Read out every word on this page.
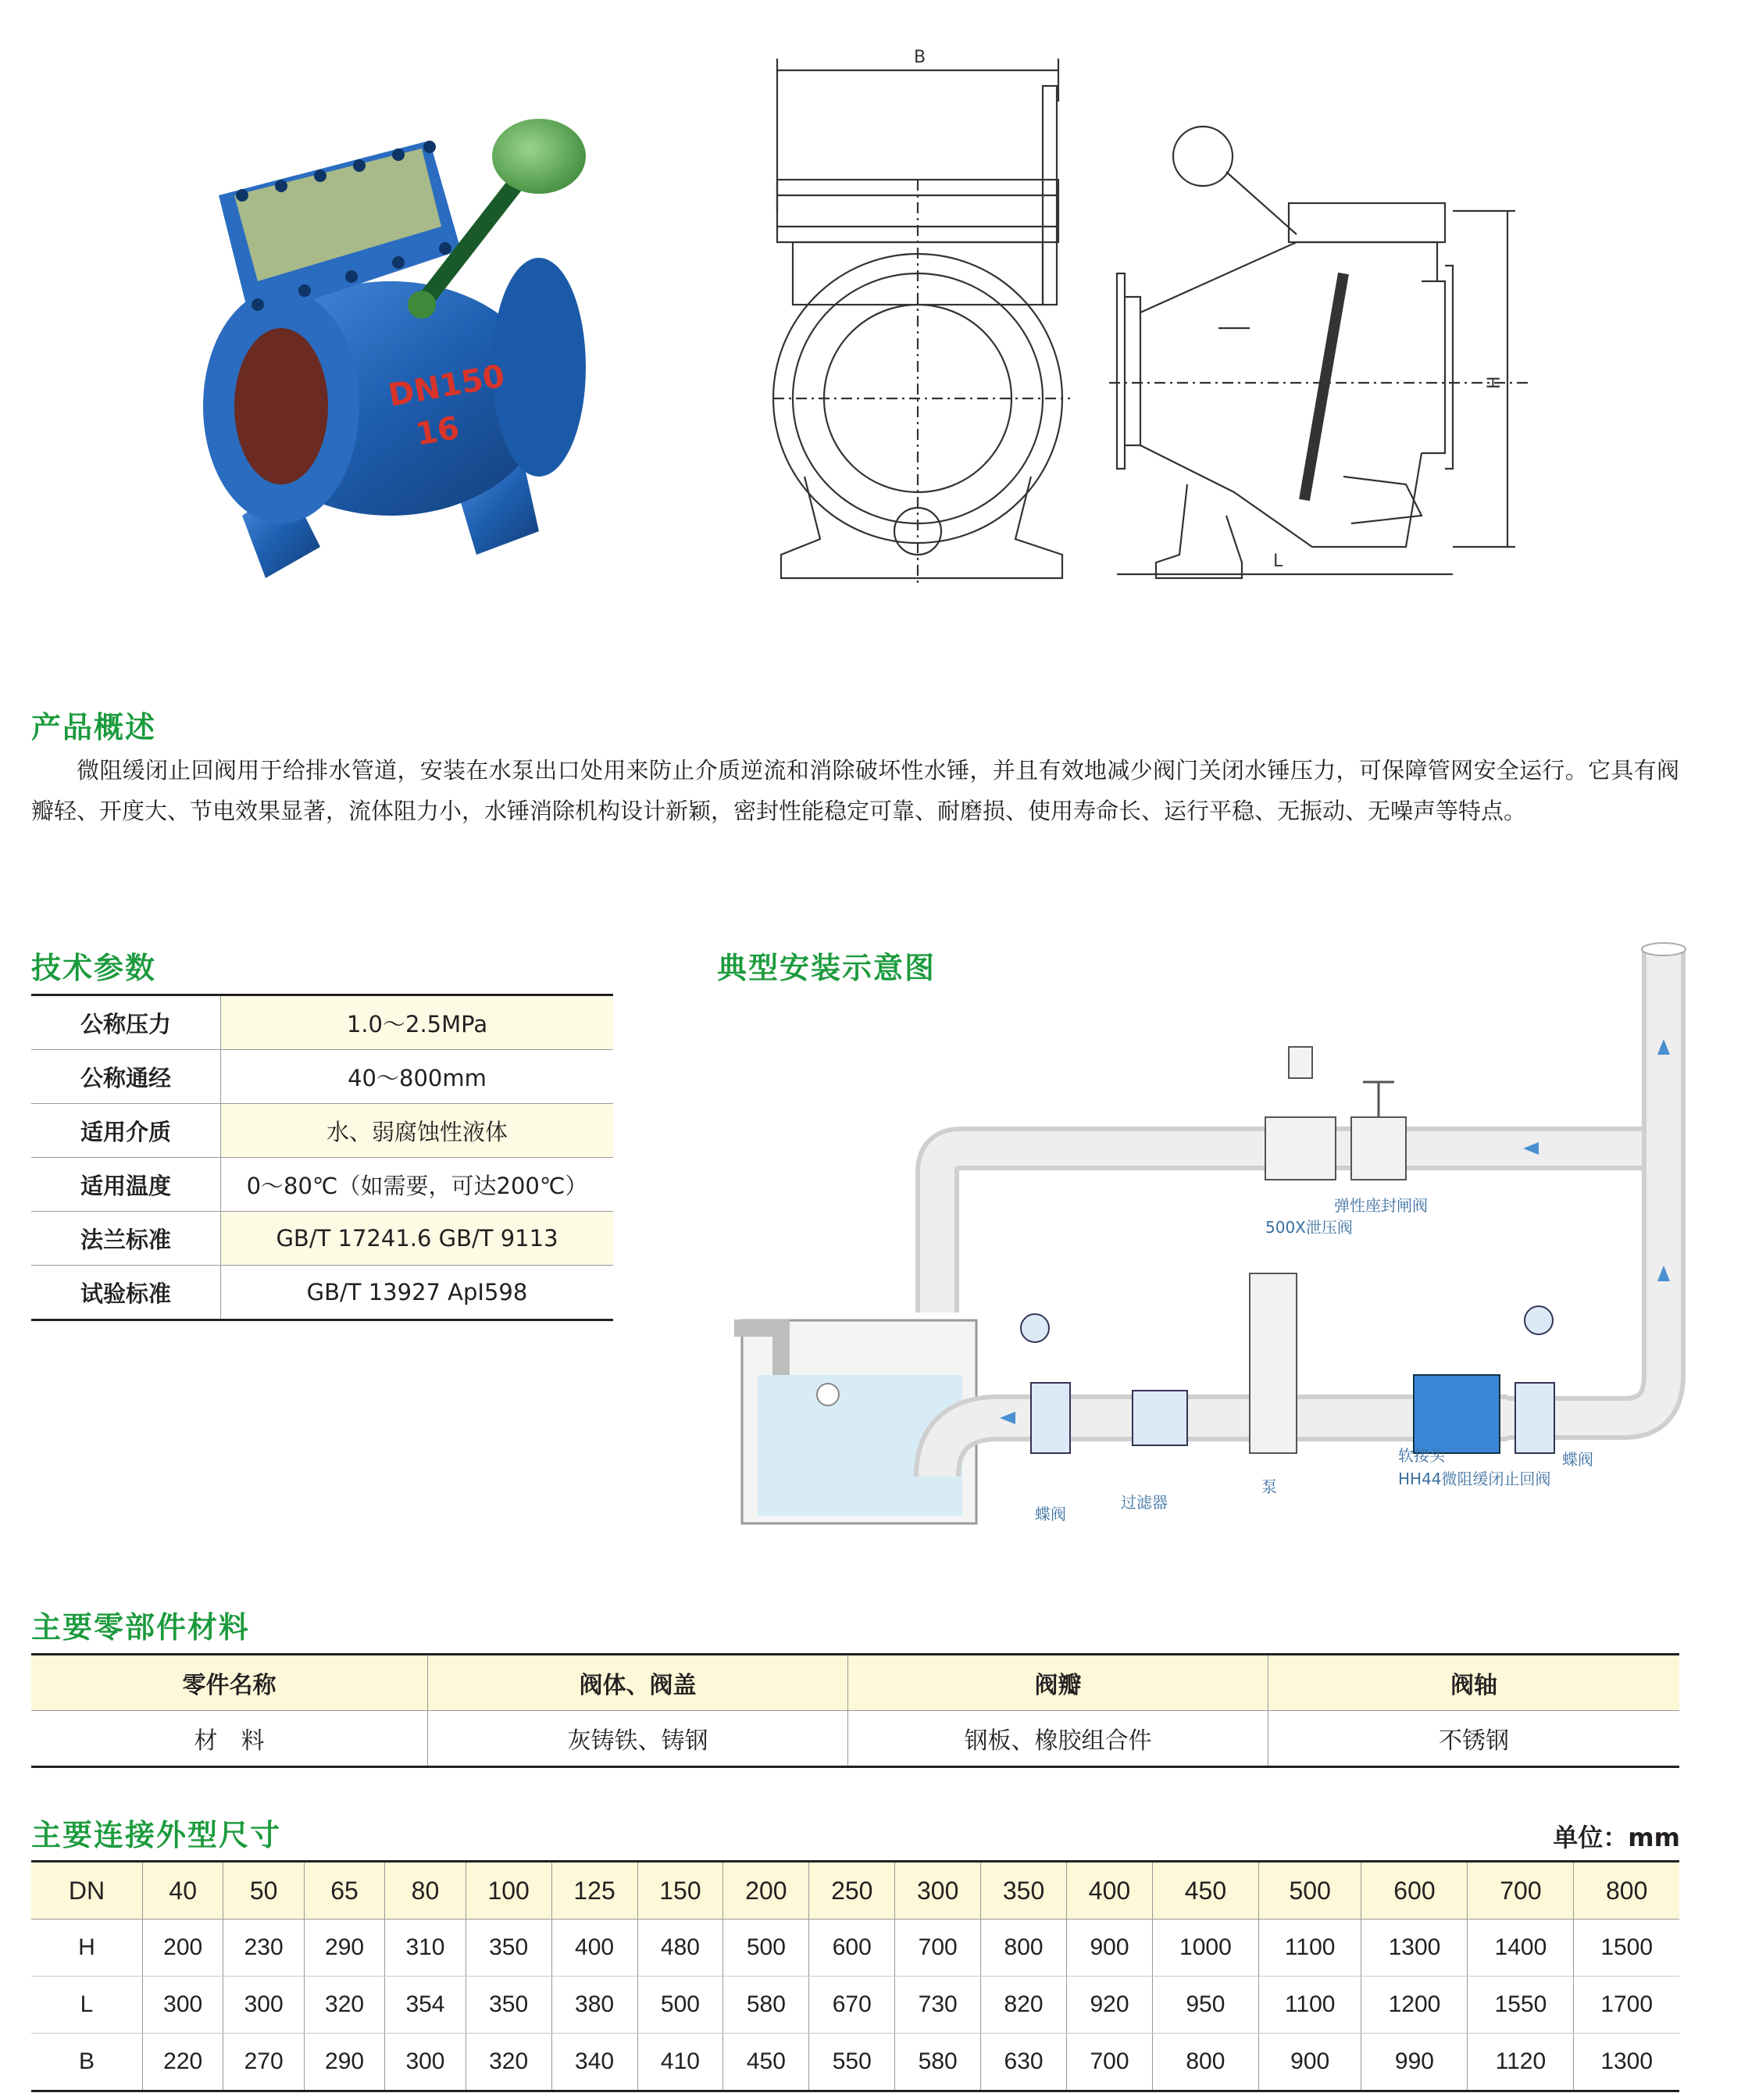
DN150
16
B
L
H
产品概述

微阻缓闭止回阀用于给排水管道，安装在水泵出口处用来防止介质逆流和消除破坏性水锤，并且有效地减少阀门关闭水锤压力，可保障管网安全运行。它具有阀瓣轻、开度大、节电效果显著，流体阻力小，水锤消除机构设计新颖，密封性能稳定可靠、耐磨损、使用寿命长、运行平稳、无振动、无噪声等特点。

技术参数
公称压力	1.0～2.5MPa
公称通经	40～800mm
适用介质	水、弱腐蚀性液体
适用温度	0～80℃（如需要，可达200℃）
法兰标准	GB/T 17241.6 GB/T 9113
试验标准	GB/T 13927 ApI598
典型安装示意图
弹性座封闸阀
500X泄压阀
软接头	蝶阀
HH44微阻缓闭止回阀
蝶阀
过滤器
泵
主要零部件材料
零件名称	阀体、阀盖	阀瓣	阀轴
材　料	灰铸铁、铸钢	钢板、橡胶组合件	不锈钢
主要连接外型尺寸	单位：mm
DN	40	50	65	80	100	125	150	200	250	300	350	400	450	500	600	700	800
H	200	230	290	310	350	400	480	500	600	700	800	900	1000	1100	1300	1400	1500
L	300	300	320	354	350	380	500	580	670	730	820	920	950	1100	1200	1550	1700
B	220	270	290	300	320	340	410	450	550	580	630	700	800	900	990	1120	1300
